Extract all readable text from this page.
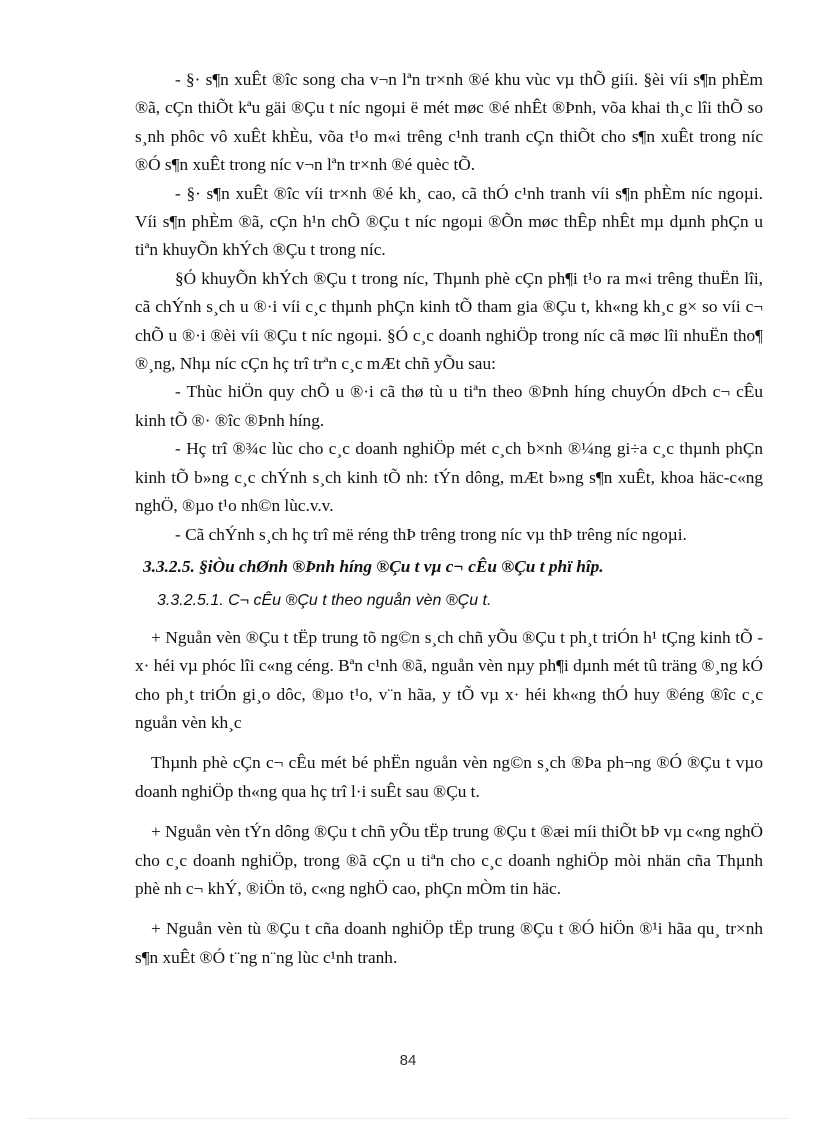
- §· s¶n xuÊt ®îc song cha v¬n lªn tr×nh ®é khu vùc vµ thÕ giíi. §èi víi s¶n phÈm ®ã, cÇn thiÕt kªu gäi ®Çu t níc ngoµi ë mét møc ®é nhÊt ®Þnh, võa khai th¸c lîi thÕ so s¸nh phôc vô xuÊt khÈu, võa t¹o m«i trêng c¹nh tranh cÇn thiÕt cho s¶n xuÊt trong níc ®Ó s¶n xuÊt trong níc v¬n lªn tr×nh ®é quèc tÕ.

- §· s¶n xuÊt ®îc víi tr×nh ®é kh¸ cao, cã thÓ c¹nh tranh víi s¶n phÈm níc ngoµi. Víi s¶n phÈm ®ã, cÇn h¹n chÕ ®Çu t níc ngoµi ®Õn møc thÊp nhÊt mµ dµnh phÇn u tiªn khuyÕn khÝch ®Çu t trong níc.

§Ó khuyÕn khÝch ®Çu t trong níc, Thµnh phè cÇn ph¶i t¹o ra m«i trêng thuËn lîi, cã chÝnh s¸ch u ®·i víi c¸c thµnh phÇn kinh tÕ tham gia ®Çu t, kh«ng kh¸c g× so víi c¬ chÕ u ®·i ®èi víi ®Çu t níc ngoµi. §Ó c¸c doanh nghiÖp trong níc cã møc lîi nhuËn tho¶ ®¸ng, Nhµ níc cÇn hç trî trªn c¸c mÆt chñ yÕu sau:

- Thùc hiÖn quy chÕ u ®·i cã thø tù u tiªn theo ®Þnh híng chuyÓn dÞch c¬ cÊu kinh tÕ ®· ®îc ®Þnh híng.

- Hç trî ®¾c lùc cho c¸c doanh nghiÖp mét c¸ch b×nh ®¼ng gi÷a c¸c thµnh phÇn kinh tÕ b»ng c¸c chÝnh s¸ch kinh tÕ nh: tÝn dông, mÆt b»ng s¶n xuÊt, khoa häc-c«ng nghÖ, ®µo t¹o nh©n lùc.v.v.

- Cã chÝnh s¸ch hç trî më réng thÞ trêng trong níc vµ thÞ trêng níc ngoµi.

3.3.2.5. §iÒu chØnh ®Þnh híng ®Çu t vµ c¬ cÊu ®Çu t phï hîp.

3.3.2.5.1. C¬ cÊu ®Çu t theo nguån vèn ®Çu t.

+ Nguån vèn ®Çu t tËp trung tõ ng©n s¸ch chñ yÕu ®Çu t ph¸t triÓn h¹ tÇng kinh tÕ - x· héi vµ phóc lîi c«ng céng. Bªn c¹nh ®ã, nguån vèn nµy ph¶i dµnh mét tû träng ®¸ng kÓ cho ph¸t triÓn gi¸o dôc, ®µo t¹o, v¨n hãa, y tÕ vµ x· héi kh«ng thÓ huy ®éng ®îc c¸c nguån vèn kh¸c

Thµnh phè cÇn c¬ cÊu mét bé phËn nguån vèn ng©n s¸ch ®Þa ph¬ng ®Ó ®Çu t vµo doanh nghiÖp th«ng qua hç trî l·i suÊt sau ®Çu t.

+ Nguån vèn tÝn dông ®Çu t chñ yÕu tËp trung ®Çu t ®æi míi thiÕt bÞ vµ c«ng nghÖ cho c¸c doanh nghiÖp, trong ®ã cÇn u tiªn cho c¸c doanh nghiÖp mòi nhän cña Thµnh phè nh c¬ khÝ, ®iÖn tö, c«ng nghÖ cao, phÇn mÒm tin häc.

+ Nguån vèn tù ®Çu t cña doanh nghiÖp tËp trung ®Çu t ®Ó hiÖn ®¹i hãa qu¸ tr×nh s¶n xuÊt ®Ó t¨ng n¨ng lùc c¹nh tranh.

84
